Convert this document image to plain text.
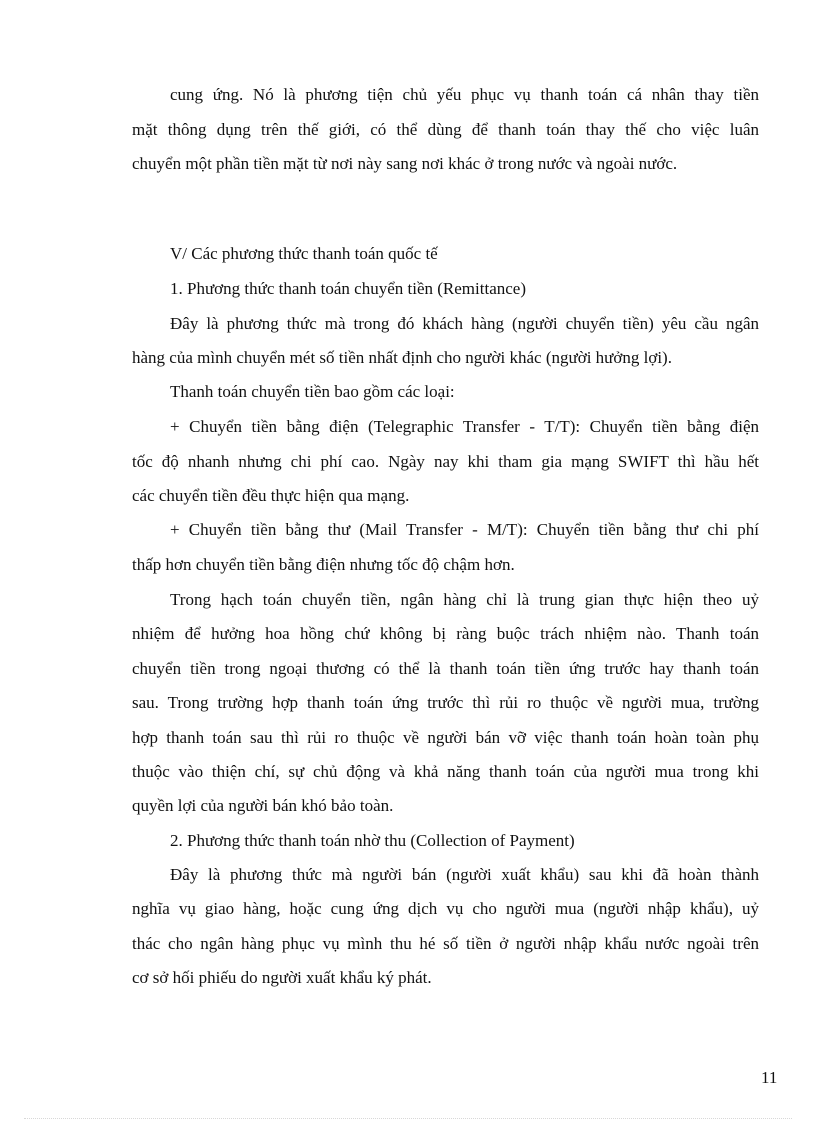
cung ứng. Nó là phương tiện chủ yếu phục vụ thanh toán cá nhân thay tiền
mặt thông dụng trên thế giới, có thể dùng để thanh toán thay thế cho việc luân
chuyển một phần tiền mặt từ nơi này sang nơi khác ở trong nước và ngoài nước.
V/ Các phương thức thanh toán quốc tế
1. Phương thức thanh toán chuyển tiền (Remittance)
Đây là phương thức mà trong đó khách hàng (người chuyển tiền) yêu cầu ngân
hàng của mình chuyển mét số tiền nhất định cho người khác (người hưởng lợi).
Thanh toán chuyển tiền bao gồm các loại:
+ Chuyển tiền bằng điện (Telegraphic Transfer - T/T): Chuyển tiền bằng điện
tốc độ nhanh nhưng chi phí cao. Ngày nay khi tham gia mạng SWIFT thì hầu hết
các chuyển tiền đều thực hiện qua mạng.
+ Chuyển tiền bằng thư (Mail Transfer - M/T): Chuyển tiền bằng thư chi phí
thấp hơn chuyển tiền bằng điện nhưng tốc độ chậm hơn.
Trong hạch toán chuyển tiền, ngân hàng chỉ là trung gian thực hiện theo uỷ
nhiệm để hưởng hoa hồng chứ không bị ràng buộc trách nhiệm nào. Thanh toán
chuyển tiền trong ngoại thương có thể là thanh toán tiền ứng trước hay thanh toán
sau. Trong trường hợp thanh toán ứng trước thì rủi ro thuộc về người mua, trường
hợp thanh toán sau thì rủi ro thuộc về người bán vỡ việc thanh toán hoàn toàn phụ
thuộc vào thiện chí, sự chủ động và khả năng thanh toán của người mua trong khi
quyền lợi của người bán khó bảo toàn.
2. Phương thức thanh toán nhờ thu (Collection of Payment)
Đây là phương thức mà người bán (người xuất khẩu) sau khi đã hoàn thành
nghĩa vụ giao hàng, hoặc cung ứng dịch vụ cho người mua (người nhập khẩu), uỷ
thác cho ngân hàng phục vụ mình thu hé số tiền ở người nhập khẩu nước ngoài trên
cơ sở hối phiếu do người xuất khẩu ký phát.
11
